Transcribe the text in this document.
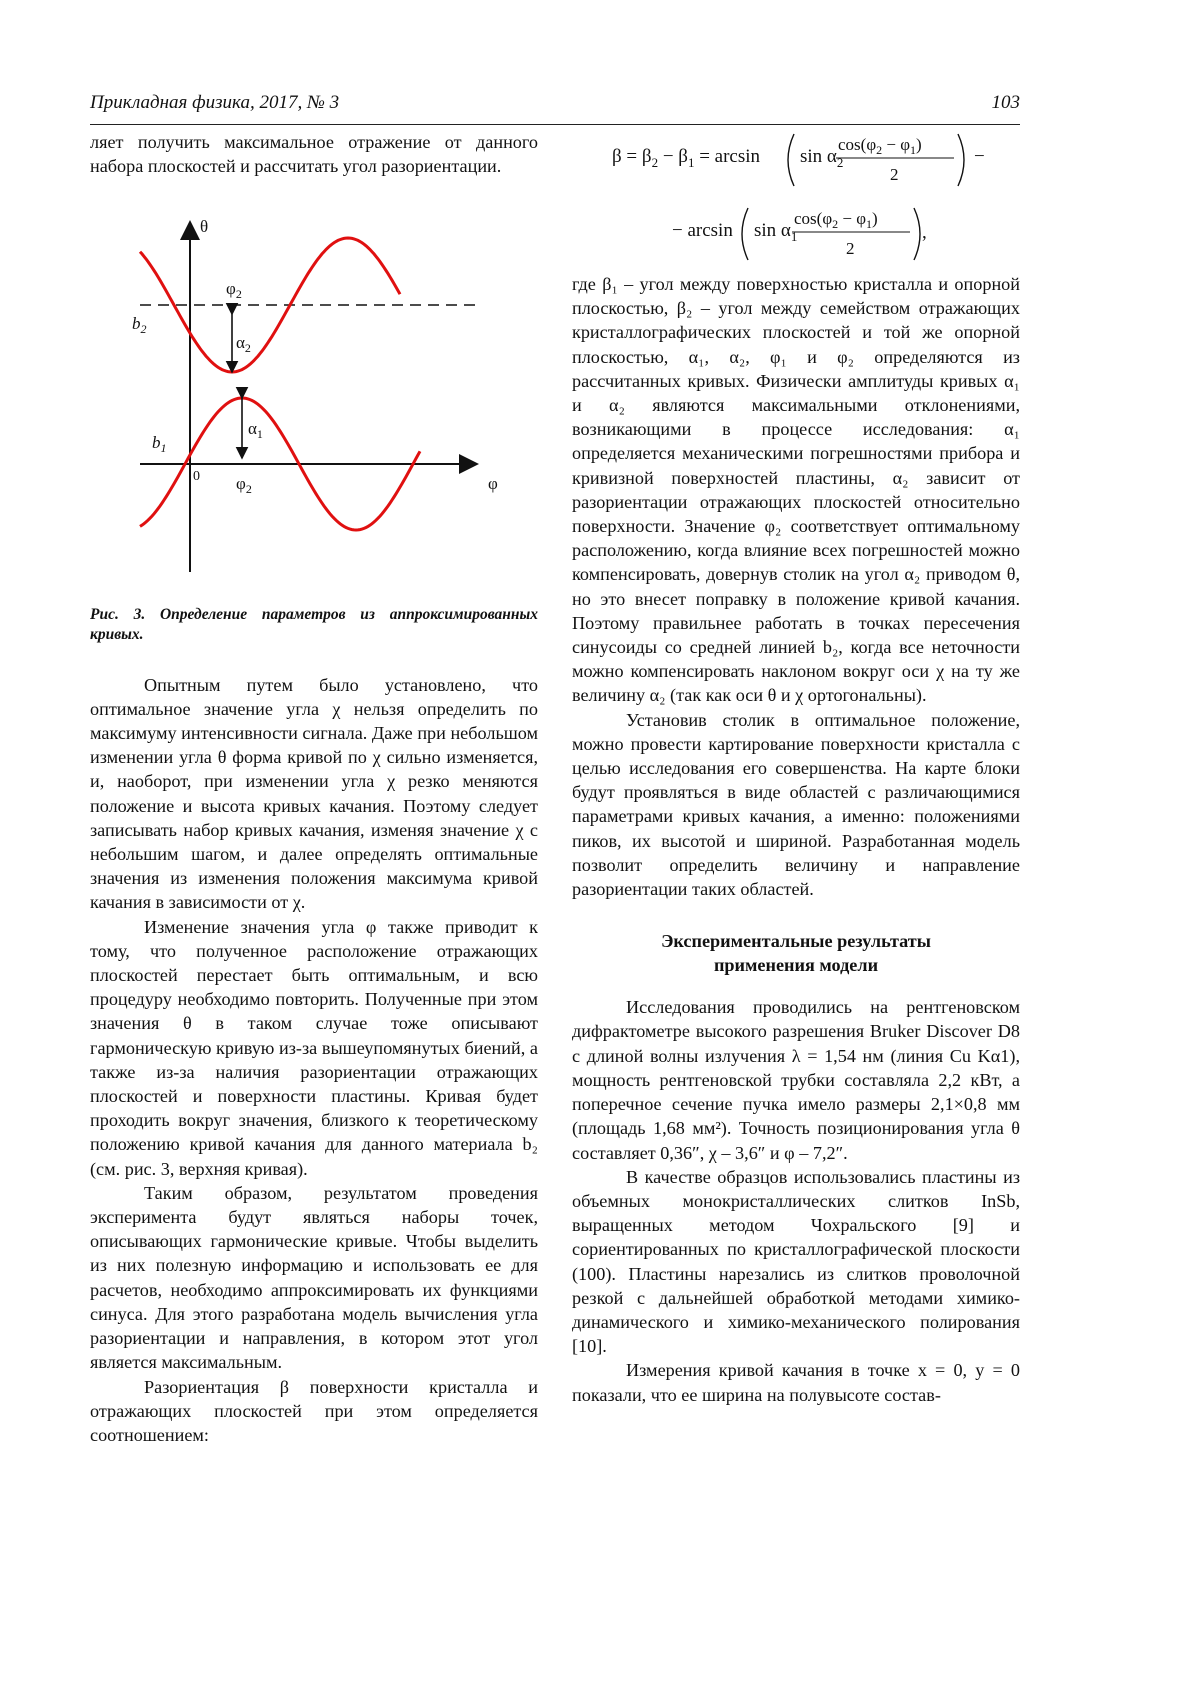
Прикладная физика, 2017, № 3	103
$\beta = \beta_2 - \beta_1 = \arcsin \sin \alpha_2$
$\cos(\varphi_2 - \varphi_1)$
2
−
− $\arcsin \sin \alpha_1$
$\cos(\varphi_2 - \varphi_1)$
2
,

ляет получить максимальное отражение от данного набора плоскостей и рассчитать угол разориентации.

θ
φ
0
$b_2$
$b_1$
$\varphi_2$
$\varphi_2$
$\alpha_2$
$\alpha_1$

Рис. 3. Определение параметров из аппроксимированных кривых.

Опытным путем было установлено, что оптимальное значение угла χ нельзя определить по максимуму интенсивности сигнала. Даже при небольшом изменении угла θ форма кривой по χ сильно изменяется, и, наоборот, при изменении угла χ резко меняются положение и высота кривых качания. Поэтому следует записывать набор кривых качания, изменяя значение χ с небольшим шагом, и далее определять оптимальные значения из изменения положения максимума кривой качания в зависимости от χ.

Изменение значения угла φ также приводит к тому, что полученное расположение отражающих плоскостей перестает быть оптимальным, и всю процедуру необходимо повторить. Полученные при этом значения θ в таком случае тоже описывают гармоническую кривую из-за вышеупомянутых биений, а также из-за наличия разориентации отражающих плоскостей и поверхности пластины. Кривая будет проходить вокруг значения, близкого к теоретическому положению кривой качания для данного материала b₂ (см. рис. 3, верхняя кривая).

Таким образом, результатом проведения эксперимента будут являться наборы точек, описывающих гармонические кривые. Чтобы выделить из них полезную информацию и использовать ее для расчетов, необходимо аппроксимировать их функциями синуса. Для этого разработана модель вычисления угла разориентации и направления, в котором этот угол является максимальным.

Разориентация β поверхности кристалла и отражающих плоскостей при этом определяется соотношением:

где β₁ – угол между поверхностью кристалла и опорной плоскостью, β₂ – угол между семейством отражающих кристаллографических плоскостей и той же опорной плоскостью, α₁, α₂, φ₁ и φ₂ определяются из рассчитанных кривых. Физически амплитуды кривых α₁ и α₂ являются максимальными отклонениями, возникающими в процессе исследования: α₁ определяется механическими погрешностями прибора и кривизной поверхностей пластины, α₂ зависит от разориентации отражающих плоскостей относительно поверхности. Значение φ₂ соответствует оптимальному расположению, когда влияние всех погрешностей можно компенсировать, довернув столик на угол α₂ приводом θ, но это внесет поправку в положение кривой качания. Поэтому правильнее работать в точках пересечения синусоиды со средней линией b₂, когда все неточности можно компенсировать наклоном вокруг оси χ на ту же величину α₂ (так как оси θ и χ ортогональны).

Установив столик в оптимальное положение, можно провести картирование поверхности кристалла с целью исследования его совершенства. На карте блоки будут проявляться в виде областей с различающимися параметрами кривых качания, а именно: положениями пиков, их высотой и шириной. Разработанная модель позволит определить величину и направление разориентации таких областей.

Экспериментальные результаты
применения модели

Исследования проводились на рентгеновском дифрактометре высокого разрешения Bruker Discover D8 с длиной волны излучения λ = 1,54 нм (линия Cu Kα1), мощность рентгеновской трубки составляла 2,2 кВт, а поперечное сечение пучка имело размеры 2,1×0,8 мм (площадь 1,68 мм²). Точность позиционирования угла θ составляет 0,36″, χ – 3,6″ и φ – 7,2″.

В качестве образцов использовались пластины из объемных монокристаллических слитков InSb, выращенных методом Чохральского [9] и сориентированных по кристаллографической плоскости (100). Пластины нарезались из слитков проволочной резкой с дальнейшей обработкой методами химико-динамического и химико-механического полирования [10].

Измерения кривой качания в точке x = 0, y = 0 показали, что ее ширина на полувысоте состав-
